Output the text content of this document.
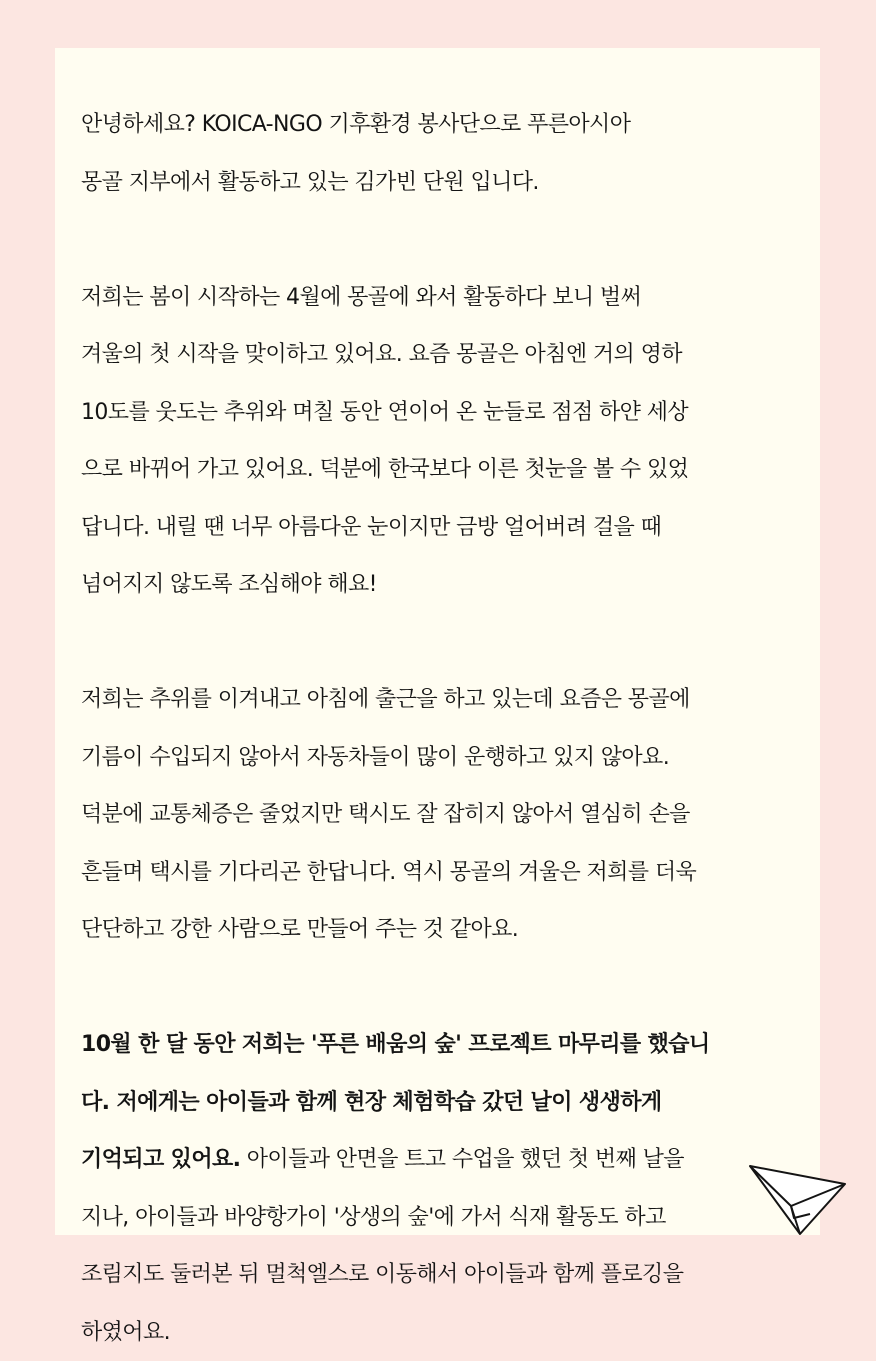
안녕하세요? KOICA-NGO 기후환경 봉사단으로 푸른아시아
몽골 지부에서 활동하고 있는 김가빈 단원 입니다.

저희는 봄이 시작하는 4월에 몽골에 와서 활동하다 보니 벌써
겨울의 첫 시작을 맞이하고 있어요. 요즘 몽골은 아침엔 거의 영하
10도를 웃도는 추위와 며칠 동안 연이어 온 눈들로 점점 하얀 세상
으로 바뀌어 가고 있어요. 덕분에 한국보다 이른 첫눈을 볼 수 있었
답니다. 내릴 땐 너무 아름다운 눈이지만 금방 얼어버려 걸을 때
넘어지지 않도록 조심해야 해요!

저희는 추위를 이겨내고 아침에 출근을 하고 있는데 요즘은 몽골에
기름이 수입되지 않아서 자동차들이 많이 운행하고 있지 않아요.
덕분에 교통체증은 줄었지만 택시도 잘 잡히지 않아서 열심히 손을
흔들며 택시를 기다리곤 한답니다. 역시 몽골의 겨울은 저희를 더욱
단단하고 강한 사람으로 만들어 주는 것 같아요.

10월 한 달 동안 저희는 '푸른 배움의 숲' 프로젝트 마무리를 했습니
다. 저에게는 아이들과 함께 현장 체험학습 갔던 날이 생생하게
기억되고 있어요. 아이들과 안면을 트고 수업을 했던 첫 번째 날을
지나, 아이들과 바양항가이 '상생의 숲'에 가서 식재 활동도 하고
조림지도 둘러본 뒤 멀척엘스로 이동해서 아이들과 함께 플로깅을
하였어요.
